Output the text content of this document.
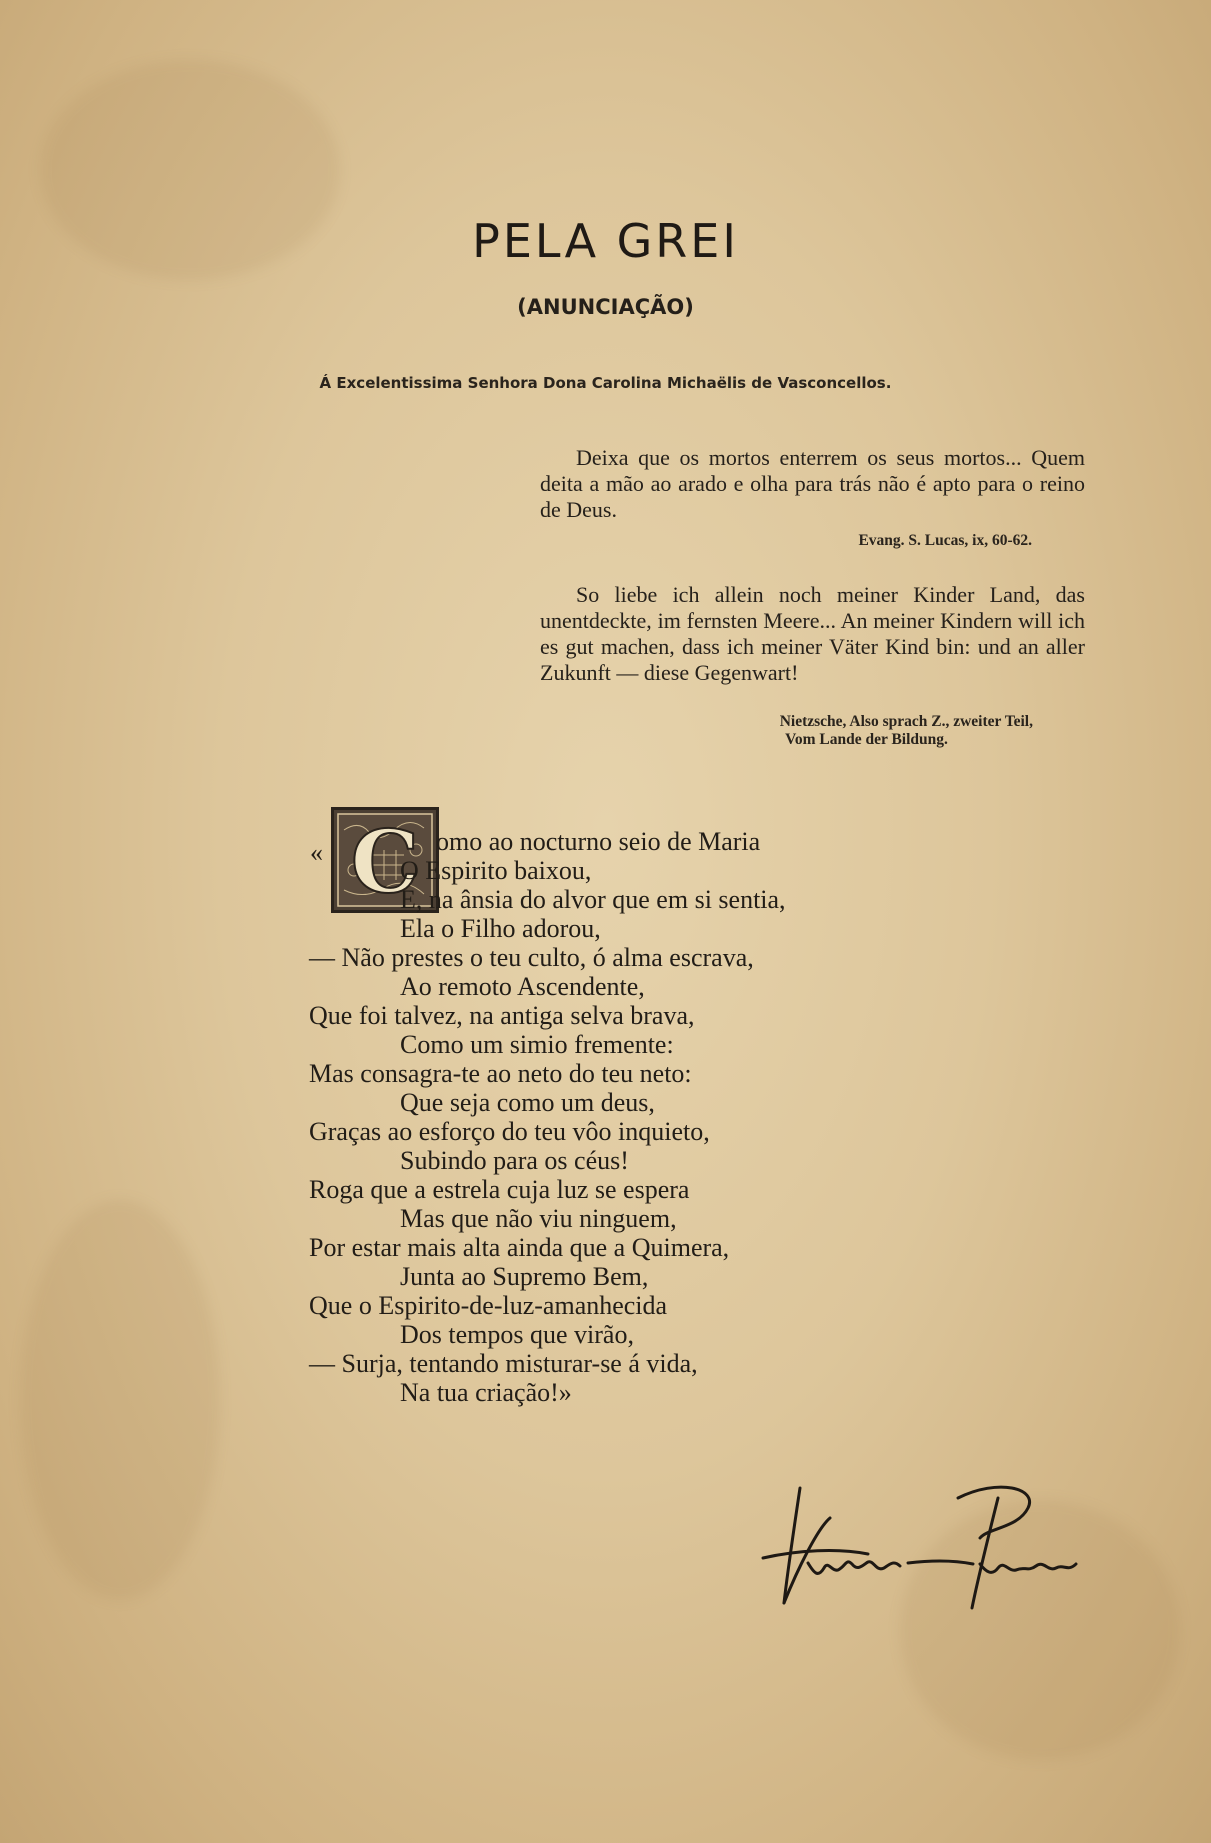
PELA GREI
(ANUNCIAÇÃO)
Á Excelentissima Senhora Dona Carolina Michaëlis de Vasconcellos.
Deixa que os mortos enterrem os seus mortos... Quem deita a mão ao arado e olha para trás não é apto para o reino de Deus.
Evang. S. Lucas, ix, 60-62.
So liebe ich allein noch meiner Kinder Land, das unentdeckte, im fernsten Meere... An meiner Kindern will ich es gut machen, dass ich meiner Väter Kind bin: und an aller Zukunft — diese Gegenwart!
Nietzsche, Also sprach Z., zweiter Teil,
Vom Lande der Bildung.
« C omo ao nocturno seio de Maria
O Espirito baixou,
E, na ânsia do alvor que em si sentia,
Ela o Filho adorou,
— Não prestes o teu culto, ó alma escrava,
Ao remoto Ascendente,
Que foi talvez, na antiga selva brava,
Como um simio fremente:
Mas consagra-te ao neto do teu neto:
Que seja como um deus,
Graças ao esforço do teu vôo inquieto,
Subindo para os céus!
Roga que a estrela cuja luz se espera
Mas que não viu ninguem,
Por estar mais alta ainda que a Quimera,
Junta ao Supremo Bem,
Que o Espirito-de-luz-amanhecida
Dos tempos que virão,
— Surja, tentando misturar-se á vida,
Na tua criação!»
